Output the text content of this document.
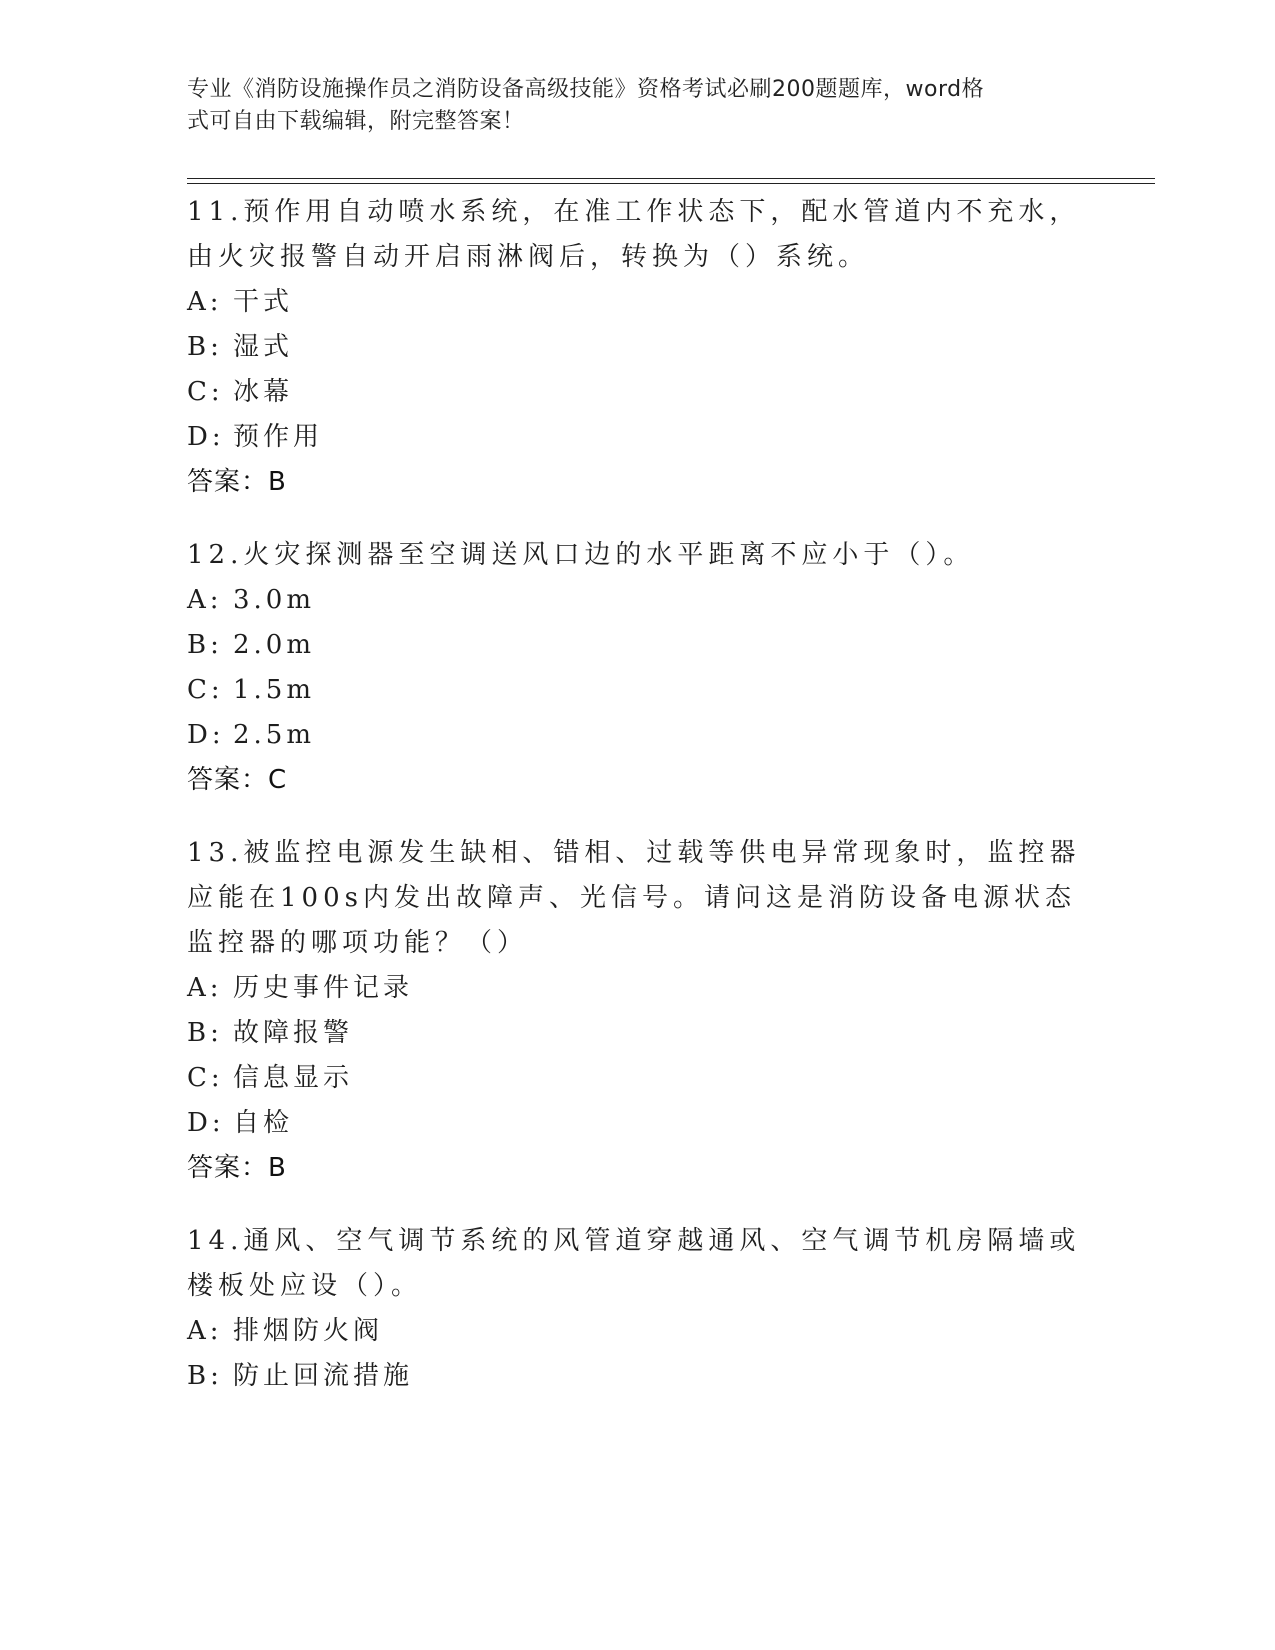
专业《消防设施操作员之消防设备高级技能》资格考试必刷200题题库，word格
式可自由下载编辑，附完整答案！

11.预作用自动喷水系统，在准工作状态下，配水管道内不充水，由火灾报警自动开启雨淋阀后，转换为（）系统。

A: 干式
B: 湿式
C: 冰幕
D: 预作用

答案：B

12.火灾探测器至空调送风口边的水平距离不应小于（）。

A: 3.0m
B: 2.0m
C: 1.5m
D: 2.5m

答案：C

13.被监控电源发生缺相、错相、过载等供电异常现象时，监控器应能在100s内发出故障声、光信号。请问这是消防设备电源状态监控器的哪项功能？（）

A: 历史事件记录
B: 故障报警
C: 信息显示
D: 自检

答案：B

14.通风、空气调节系统的风管道穿越通风、空气调节机房隔墙或楼板处应设（）。

A: 排烟防火阀
B: 防止回流措施
